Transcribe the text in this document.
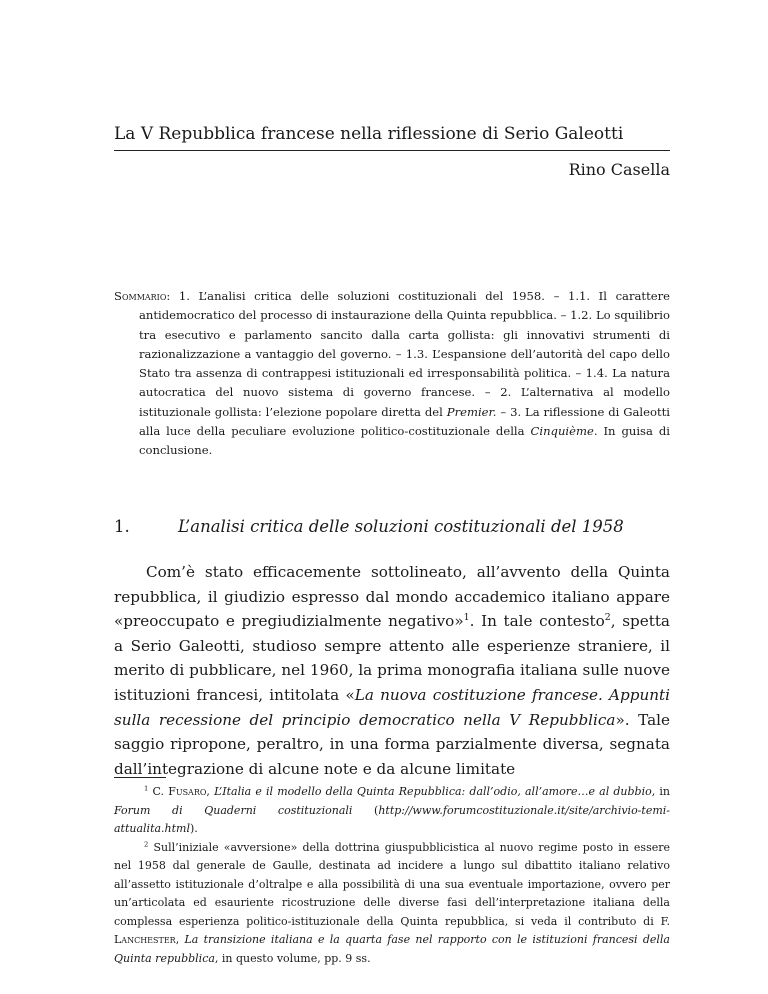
La V Repubblica francese nella riflessione di Serio Galeotti
Rino Casella
Sommario: 1. L’analisi critica delle soluzioni costituzionali del 1958. – 1.1. Il carattere antidemocratico del processo di instaurazione della Quinta repubblica. – 1.2. Lo squilibrio tra esecutivo e parlamento sancito dalla carta gollista: gli innovativi strumenti di razionalizzazione a vantaggio del governo. – 1.3. L’espansione dell’autorità del capo dello Stato tra assenza di contrappesi istituzionali ed irresponsabilità politica. – 1.4. La natura autocratica del nuovo sistema di governo francese. – 2. L’alternativa al modello istituzionale gollista: l’elezione popolare diretta del Premier. – 3. La riflessione di Galeotti alla luce della peculiare evoluzione politico-costituzionale della Cinquième. In guisa di conclusione.
1.	L’analisi critica delle soluzioni costituzionali del 1958
Com’è stato efficacemente sottolineato, all’avvento della Quinta repubblica, il giudizio espresso dal mondo accademico italiano appare «preoccupato e pregiudizialmente negativo»$^1$. In tale contesto$^2$, spetta a Serio Galeotti, studioso sempre attento alle esperienze straniere, il merito di pubblicare, nel 1960, la prima monografia italiana sulle nuove istituzioni francesi, intitolata «La nuova costituzione francese. Appunti sulla recessione del principio democratico nella V Repubblica». Tale saggio ripropone, peraltro, in una forma parzialmente diversa, segnata dall’integrazione di alcune note e da alcune limitate

$^1$ C. Fusaro, L’Italia e il modello della Quinta Repubblica: dall’odio, all’amore…e al dubbio, in Forum di Quaderni costituzionali (http://www.forumcostituzionale.it/site/archivio-temi-attualita.html).

$^2$ Sull’iniziale «avversione» della dottrina giuspubblicistica al nuovo regime posto in essere nel 1958 dal generale de Gaulle, destinata ad incidere a lungo sul dibattito italiano relativo all’assetto istituzionale d’oltralpe e alla possibilità di una sua eventuale importazione, ovvero per un’articolata ed esauriente ricostruzione delle diverse fasi dell’interpretazione italiana della complessa esperienza politico-istituzionale della Quinta repubblica, si veda il contributo di F. Lanchester, La transizione italiana e la quarta fase nel rapporto con le istituzioni francesi della Quinta repubblica, in questo volume, pp. 9 ss.
